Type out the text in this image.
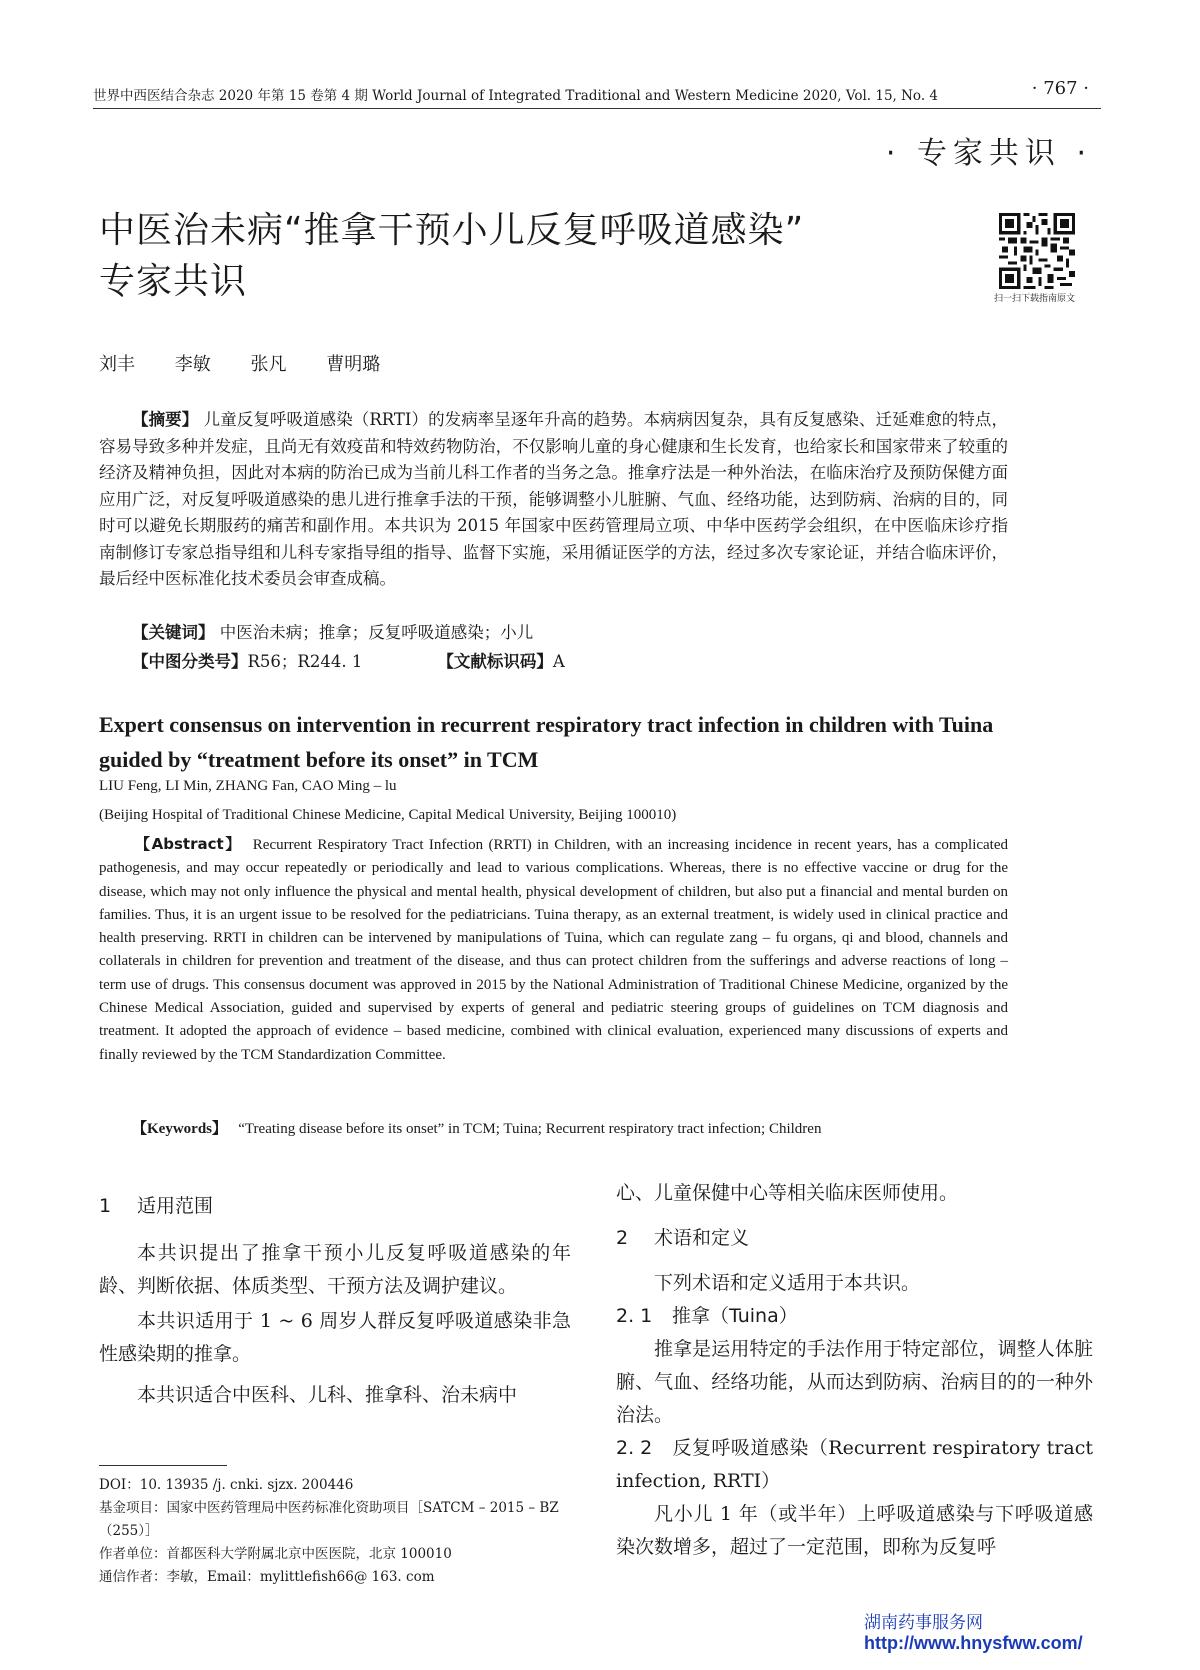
世界中西医结合杂志 2020 年第 15 卷第 4 期 World Journal of Integrated Traditional and Western Medicine 2020, Vol. 15, No. 4	· 767 ·
· 专家共识 ·
中医治未病“推拿干预小儿反复呼吸道感染”
专家共识	扫一扫下载指南原文
刘丰 李敏 张凡 曹明璐
【摘要】 儿童反复呼吸道感染（RRTI）的发病率呈逐年升高的趋势。本病病因复杂，具有反复感染、迁延难愈的特点，容易导致多种并发症，且尚无有效疫苗和特效药物防治，不仅影响儿童的身心健康和生长发育，也给家长和国家带来了较重的经济及精神负担，因此对本病的防治已成为当前儿科工作者的当务之急。推拿疗法是一种外治法，在临床治疗及预防保健方面应用广泛，对反复呼吸道感染的患儿进行推拿手法的干预，能够调整小儿脏腑、气血、经络功能，达到防病、治病的目的，同时可以避免长期服药的痛苦和副作用。本共识为 2015 年国家中医药管理局立项、中华中医药学会组织，在中医临床诊疗指南制修订专家总指导组和儿科专家指导组的指导、监督下实施，采用循证医学的方法，经过多次专家论证，并结合临床评价，最后经中医标准化技术委员会审查成稿。
【关键词】 中医治未病；推拿；反复呼吸道感染；小儿
【中图分类号】R56；R244. 1	【文献标识码】A
Expert consensus on intervention in recurrent respiratory tract infection in children with Tuina guided by “treatment before its onset” in TCM
LIU Feng, LI Min, ZHANG Fan, CAO Ming – lu
(Beijing Hospital of Traditional Chinese Medicine, Capital Medical University, Beijing 100010)
【Abstract】 Recurrent Respiratory Tract Infection (RRTI) in Children, with an increasing incidence in recent years, has a complicated pathogenesis, and may occur repeatedly or periodically and lead to various complications. Whereas, there is no effective vaccine or drug for the disease, which may not only influence the physical and mental health, physical development of children, but also put a financial and mental burden on families. Thus, it is an urgent issue to be resolved for the pediatricians. Tuina therapy, as an external treatment, is widely used in clinical practice and health preserving. RRTI in children can be intervened by manipulations of Tuina, which can regulate zang – fu organs, qi and blood, channels and collaterals in children for prevention and treatment of the disease, and thus can protect children from the sufferings and adverse reactions of long – term use of drugs. This consensus document was approved in 2015 by the National Administration of Traditional Chinese Medicine, organized by the Chinese Medical Association, guided and supervised by experts of general and pediatric steering groups of guidelines on TCM diagnosis and treatment. It adopted the approach of evidence – based medicine, combined with clinical evaluation, experienced many discussions of experts and finally reviewed by the TCM Standardization Committee.
【Keywords】 “Treating disease before its onset” in TCM; Tuina; Recurrent respiratory tract infection; Children

1 适用范围

本共识提出了推拿干预小儿反复呼吸道感染的年龄、判断依据、体质类型、干预方法及调护建议。

本共识适用于 1 ~ 6 周岁人群反复呼吸道感染非急性感染期的推拿。

本共识适合中医科、儿科、推拿科、治未病中

心、儿童保健中心等相关临床医师使用。

2 术语和定义

下列术语和定义适用于本共识。

2. 1 推拿（Tuina）

推拿是运用特定的手法作用于特定部位，调整人体脏腑、气血、经络功能，从而达到防病、治病目的的一种外治法。

2. 2 反复呼吸道感染（Recurrent respiratory tract infection, RRTI）

凡小儿 1 年（或半年）上呼吸道感染与下呼吸道感染次数增多，超过了一定范围，即称为反复呼

DOI：10. 13935 /j. cnki. sjzx. 200446
基金项目：国家中医药管理局中医药标准化资助项目［SATCM – 2015 – BZ（255）］
作者单位：首都医科大学附属北京中医医院，北京 100010
通信作者：李敏，Email：mylittlefish66@ 163. com
湖南药事服务网
http://www.hnysfww.com/
